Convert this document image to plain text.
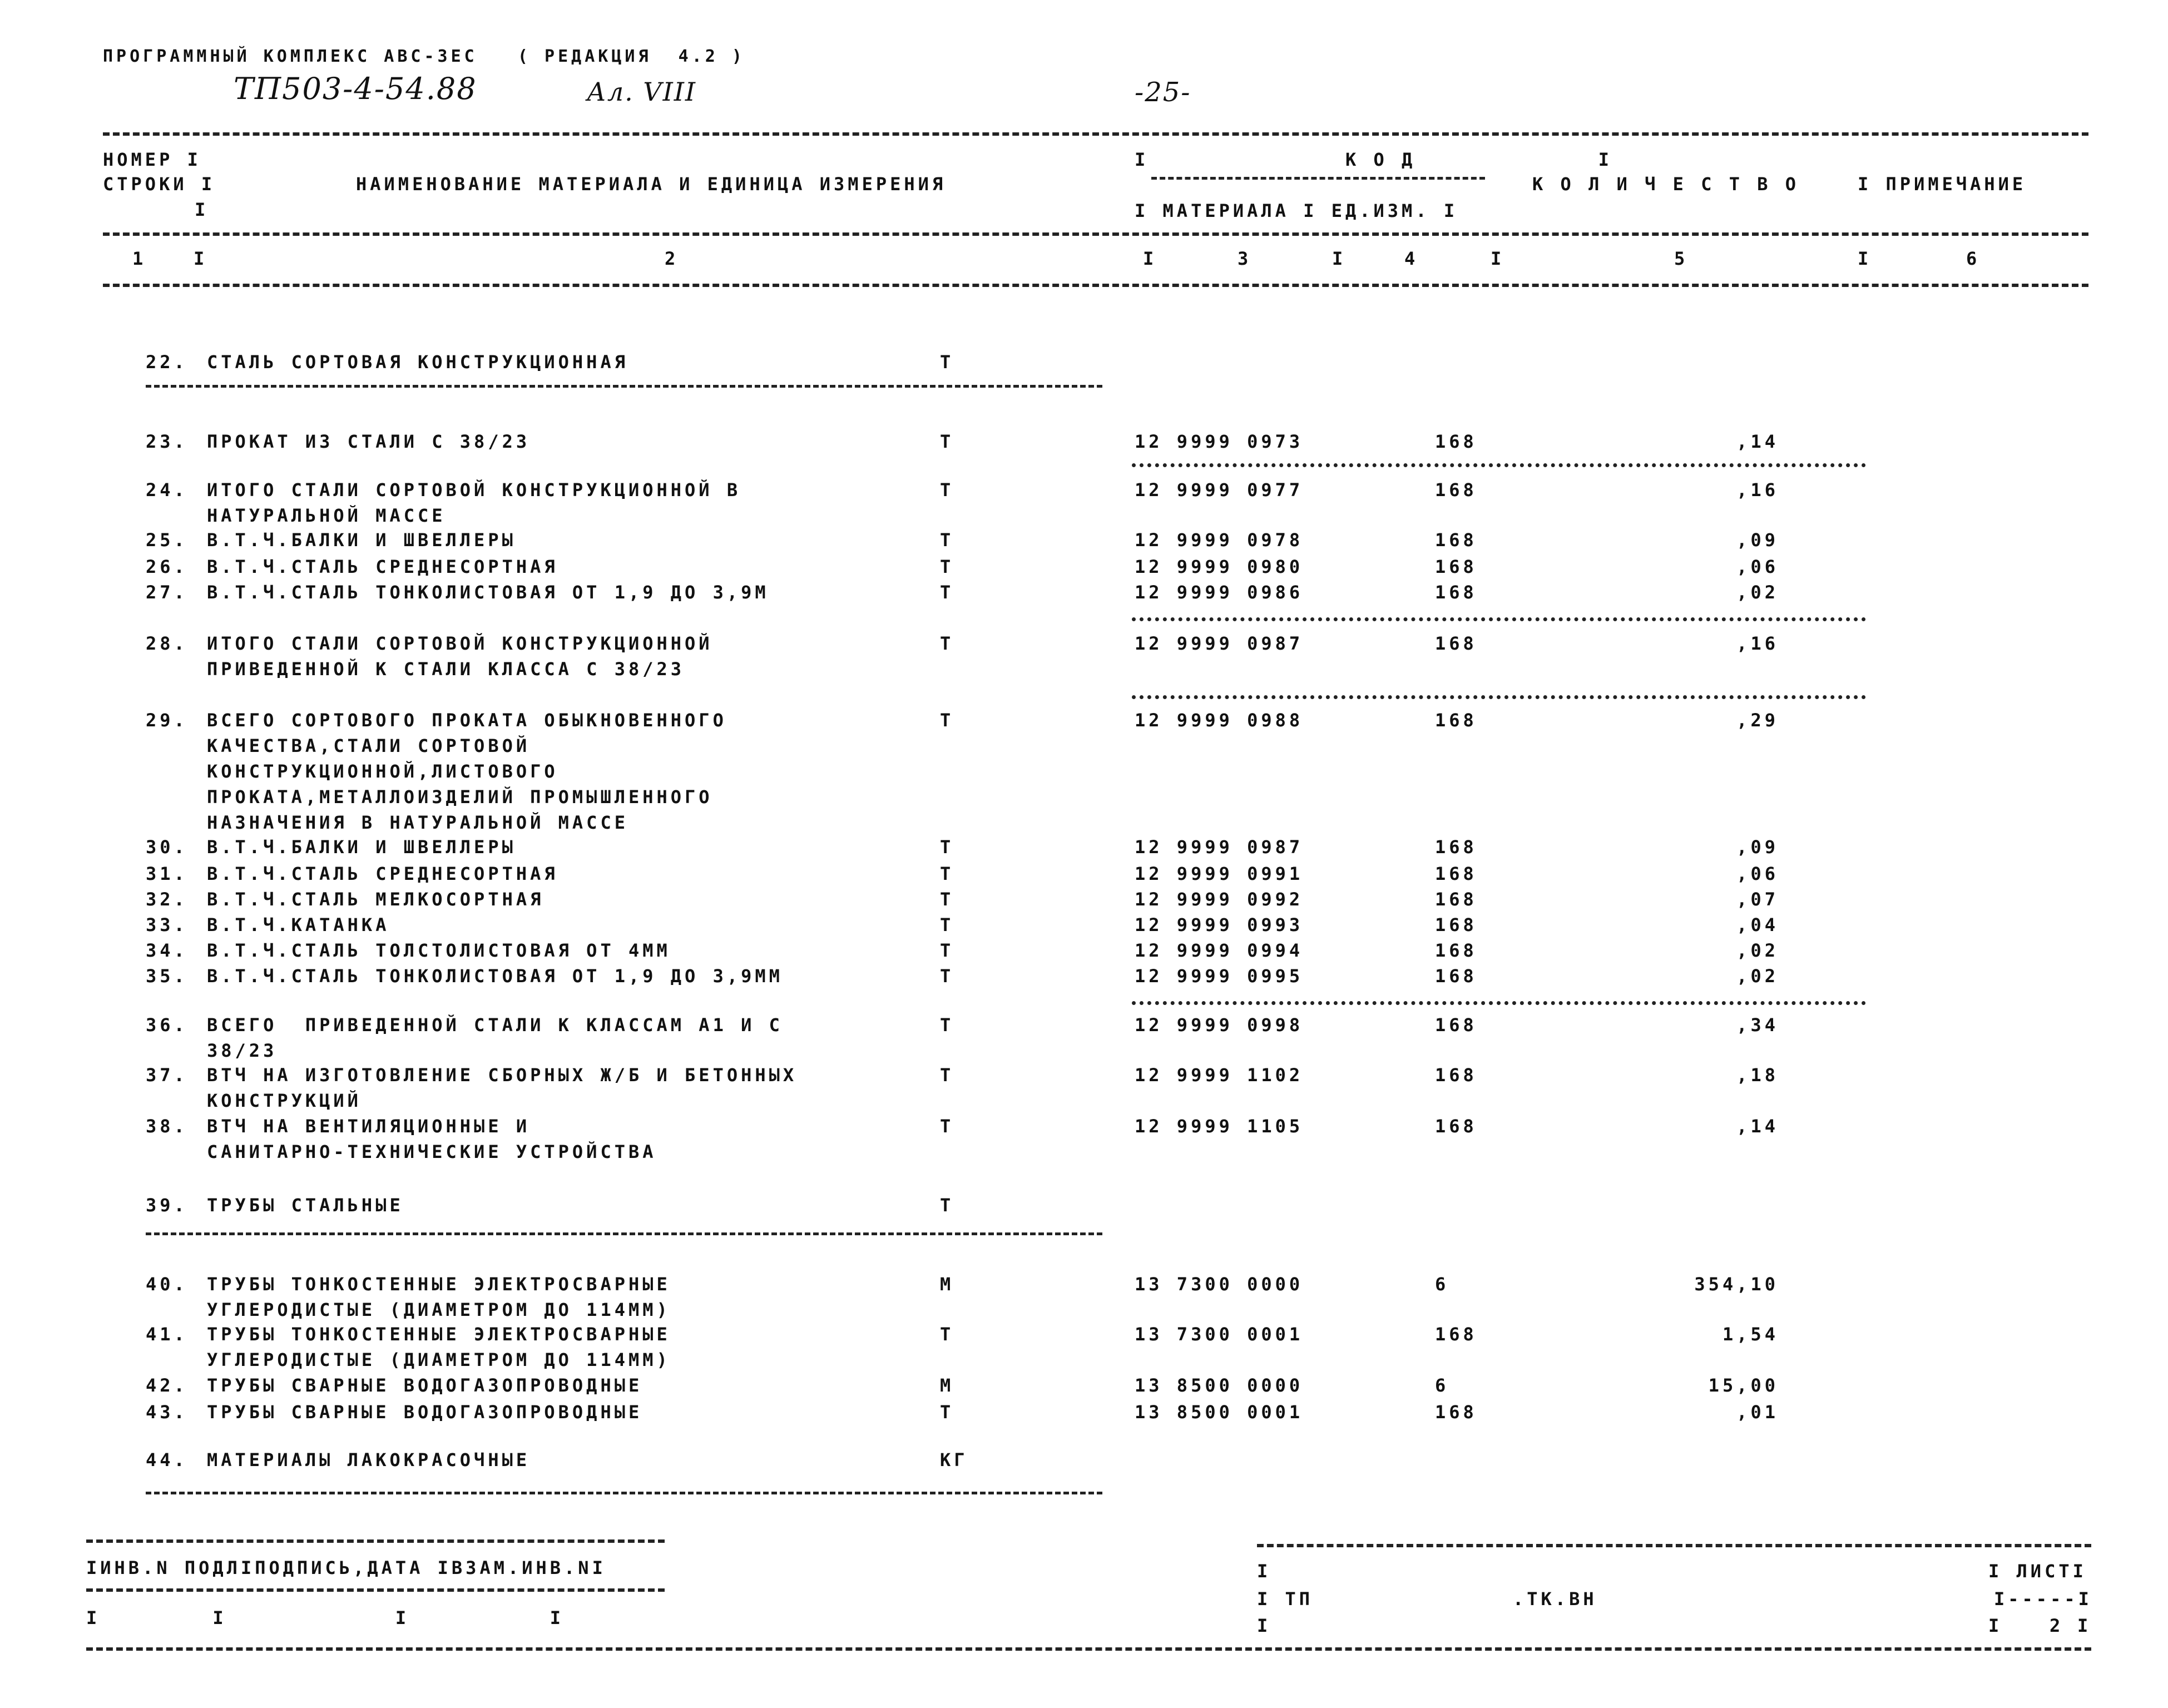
ПРОГРАММНЫЙ КОМПЛЕКС АВС-ЗЕС   ( РЕДАКЦИЯ  4.2 )
ТП503-4-54.88	Ал. VIII	-25-
НОМЕР I
СТРОКИ I
I
НАИМЕНОВАНИЕ МАТЕРИАЛА И ЕДИНИЦА ИЗМЕРЕНИЯ
I              К О Д             I
I МАТЕРИАЛА I ЕД.ИЗМ. I
К О Л И Ч Е С Т В О	I ПРИМЕЧАНИЕ
1	I	2	I	3	I	4	I	5	I	6
22. СТАЛЬ СОРТОВАЯ КОНСТРУКЦИОННАЯ	Т
23. ПРОКАТ ИЗ СТАЛИ С 38/23	Т	12 9999 0973	168	,14
24. ИТОГО СТАЛИ СОРТОВОЙ КОНСТРУКЦИОННОЙ В
НАТУРАЛЬНОЙ МАССЕ
Т	12 9999 0977	168	,16
25. В.Т.Ч.БАЛКИ И ШВЕЛЛЕРЫ	Т	12 9999 0978	168	,09
26. В.Т.Ч.СТАЛЬ СРЕДНЕСОРТНАЯ	Т	12 9999 0980	168	,06
27. В.Т.Ч.СТАЛЬ ТОНКОЛИСТОВАЯ ОТ 1,9 ДО 3,9М	Т	12 9999 0986	168	,02
28. ИТОГО СТАЛИ СОРТОВОЙ КОНСТРУКЦИОННОЙ
ПРИВЕДЕННОЙ К СТАЛИ КЛАССА С 38/23
Т	12 9999 0987	168	,16
29. ВСЕГО СОРТОВОГО ПРОКАТА ОБЫКНОВЕННОГО
КАЧЕСТВА,СТАЛИ СОРТОВОЙ
КОНСТРУКЦИОННОЙ,ЛИСТОВОГО
ПРОКАТА,МЕТАЛЛОИЗДЕЛИЙ ПРОМЫШЛЕННОГО
НАЗНАЧЕНИЯ В НАТУРАЛЬНОЙ МАССЕ
Т	12 9999 0988	168	,29
30. В.Т.Ч.БАЛКИ И ШВЕЛЛЕРЫ	Т	12 9999 0987	168	,09
31. В.Т.Ч.СТАЛЬ СРЕДНЕСОРТНАЯ	Т	12 9999 0991	168	,06
32. В.Т.Ч.СТАЛЬ МЕЛКОСОРТНАЯ	Т	12 9999 0992	168	,07
33. В.Т.Ч.КАТАНКА	Т	12 9999 0993	168	,04
34. В.Т.Ч.СТАЛЬ ТОЛСТОЛИСТОВАЯ ОТ 4ММ	Т	12 9999 0994	168	,02
35. В.Т.Ч.СТАЛЬ ТОНКОЛИСТОВАЯ ОТ 1,9 ДО 3,9ММ	Т	12 9999 0995	168	,02
36. ВСЕГО  ПРИВЕДЕННОЙ СТАЛИ К КЛАССАМ А1 И С
38/23
Т	12 9999 0998	168	,34
37. ВТЧ НА ИЗГОТОВЛЕНИЕ СБОРНЫХ Ж/Б И БЕТОННЫХ
КОНСТРУКЦИЙ
Т	12 9999 1102	168	,18
38. ВТЧ НА ВЕНТИЛЯЦИОННЫЕ И
САНИТАРНО-ТЕХНИЧЕСКИЕ УСТРОЙСТВА
Т	12 9999 1105	168	,14
39. ТРУБЫ СТАЛЬНЫЕ	Т
40. ТРУБЫ ТОНКОСТЕННЫЕ ЭЛЕКТРОСВАРНЫЕ
УГЛЕРОДИСТЫЕ (ДИАМЕТРОМ ДО 114ММ)
М	13 7300 0000	6	354,10
41. ТРУБЫ ТОНКОСТЕННЫЕ ЭЛЕКТРОСВАРНЫЕ
УГЛЕРОДИСТЫЕ (ДИАМЕТРОМ ДО 114ММ)
Т	13 7300 0001	168	1,54
42. ТРУБЫ СВАРНЫЕ ВОДОГАЗОПРОВОДНЫЕ	М	13 8500 0000	6	15,00
43. ТРУБЫ СВАРНЫЕ ВОДОГАЗОПРОВОДНЫЕ	Т	13 8500 0001	168	,01
44. МАТЕРИАЛЫ ЛАКОКРАСОЧНЫЕ	КГ
IИНВ.N ПОДЛIПОДПИСЬ,ДАТА IВЗАМ.ИНВ.NI
I        I            I          I
I
I ТП	.ТК.ВН
I
I ЛИСТI
I-----I
I	2 I
